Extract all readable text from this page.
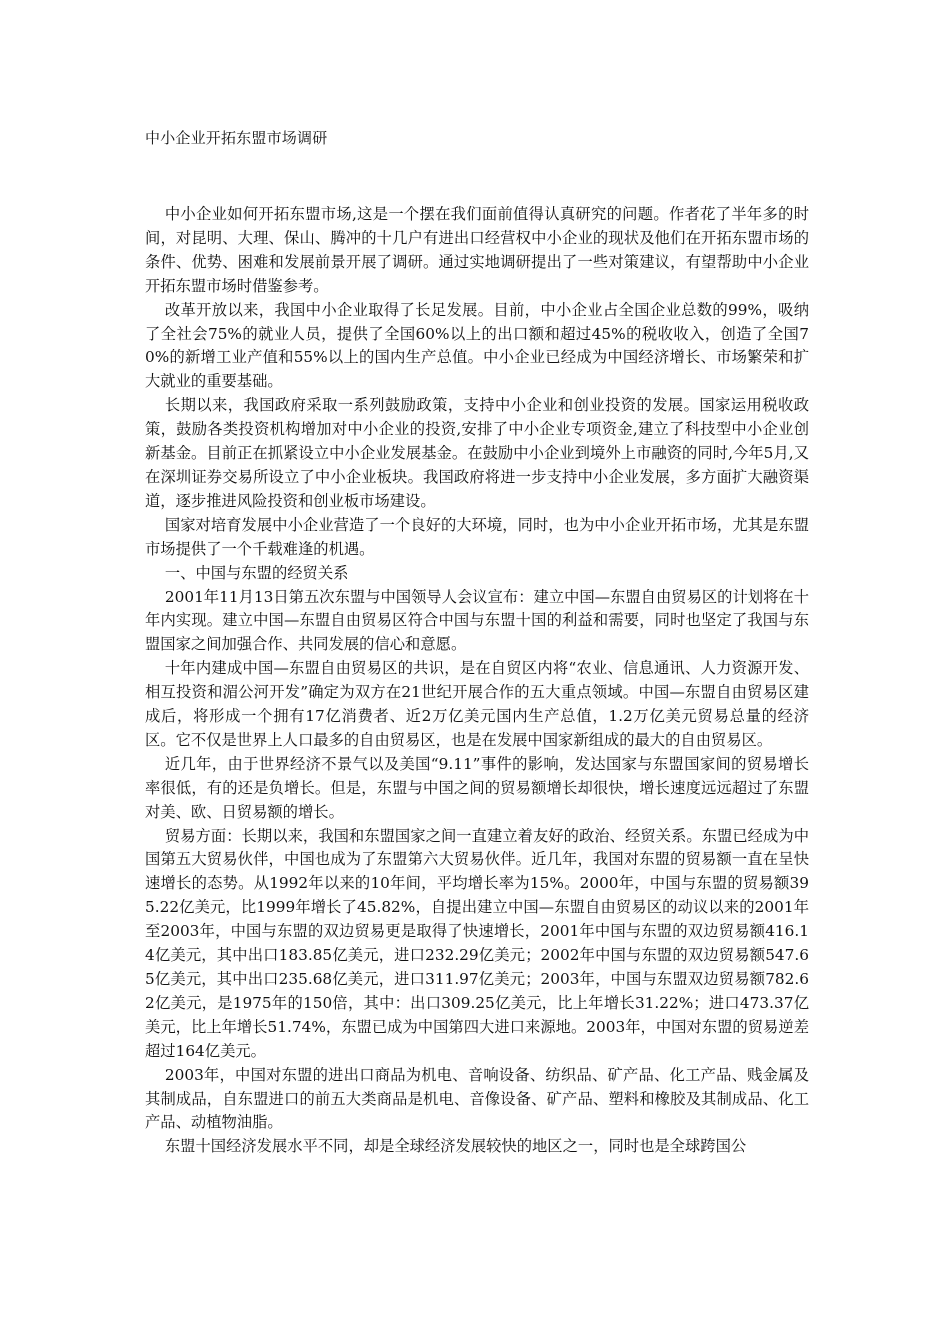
中小企业开拓东盟市场调研

中小企业如何开拓东盟市场,这是一个摆在我们面前值得认真研究的问题。作者花了半年多的时间，对昆明、大理、保山、腾冲的十几户有进出口经营权中小企业的现状及他们在开拓东盟市场的条件、优势、困难和发展前景开展了调研。通过实地调研提出了一些对策建议，有望帮助中小企业开拓东盟市场时借鉴参考。

改革开放以来，我国中小企业取得了长足发展。目前，中小企业占全国企业总数的99%，吸纳了全社会75%的就业人员，提供了全国60%以上的出口额和超过45%的税收收入，创造了全国70%的新增工业产值和55%以上的国内生产总值。中小企业已经成为中国经济增长、市场繁荣和扩大就业的重要基础。

长期以来，我国政府采取一系列鼓励政策，支持中小企业和创业投资的发展。国家运用税收政策，鼓励各类投资机构增加对中小企业的投资,安排了中小企业专项资金,建立了科技型中小企业创新基金。目前正在抓紧设立中小企业发展基金。在鼓励中小企业到境外上市融资的同时,今年5月,又在深圳证券交易所设立了中小企业板块。我国政府将进一步支持中小企业发展，多方面扩大融资渠道，逐步推进风险投资和创业板市场建设。

国家对培育发展中小企业营造了一个良好的大环境，同时，也为中小企业开拓市场，尤其是东盟市场提供了一个千载难逢的机遇。

一、中国与东盟的经贸关系

2001年11月13日第五次东盟与中国领导人会议宣布：建立中国—东盟自由贸易区的计划将在十年内实现。建立中国—东盟自由贸易区符合中国与东盟十国的利益和需要，同时也坚定了我国与东盟国家之间加强合作、共同发展的信心和意愿。

十年内建成中国—东盟自由贸易区的共识，是在自贸区内将“农业、信息通讯、人力资源开发、相互投资和湄公河开发”确定为双方在21世纪开展合作的五大重点领域。中国—东盟自由贸易区建成后，将形成一个拥有17亿消费者、近2万亿美元国内生产总值，1.2万亿美元贸易总量的经济区。它不仅是世界上人口最多的自由贸易区，也是在发展中国家新组成的最大的自由贸易区。

近几年，由于世界经济不景气以及美国“9.11”事件的影响，发达国家与东盟国家间的贸易增长率很低，有的还是负增长。但是，东盟与中国之间的贸易额增长却很快，增长速度远远超过了东盟对美、欧、日贸易额的增长。

贸易方面：长期以来，我国和东盟国家之间一直建立着友好的政治、经贸关系。东盟已经成为中国第五大贸易伙伴，中国也成为了东盟第六大贸易伙伴。近几年，我国对东盟的贸易额一直在呈快速增长的态势。从1992年以来的10年间，平均增长率为15%。2000年，中国与东盟的贸易额395.22亿美元，比1999年增长了45.82%，自提出建立中国—东盟自由贸易区的动议以来的2001年至2003年，中国与东盟的双边贸易更是取得了快速增长，2001年中国与东盟的双边贸易额416.14亿美元，其中出口183.85亿美元，进口232.29亿美元；2002年中国与东盟的双边贸易额547.65亿美元，其中出口235.68亿美元，进口311.97亿美元；2003年，中国与东盟双边贸易额782.62亿美元，是1975年的150倍，其中：出口309.25亿美元，比上年增长31.22%；进口473.37亿美元，比上年增长51.74%，东盟已成为中国第四大进口来源地。2003年，中国对东盟的贸易逆差超过164亿美元。

2003年，中国对东盟的进出口商品为机电、音响设备、纺织品、矿产品、化工产品、贱金属及其制成品，自东盟进口的前五大类商品是机电、音像设备、矿产品、塑料和橡胶及其制成品、化工产品、动植物油脂。

东盟十国经济发展水平不同，却是全球经济发展较快的地区之一，同时也是全球跨国公
